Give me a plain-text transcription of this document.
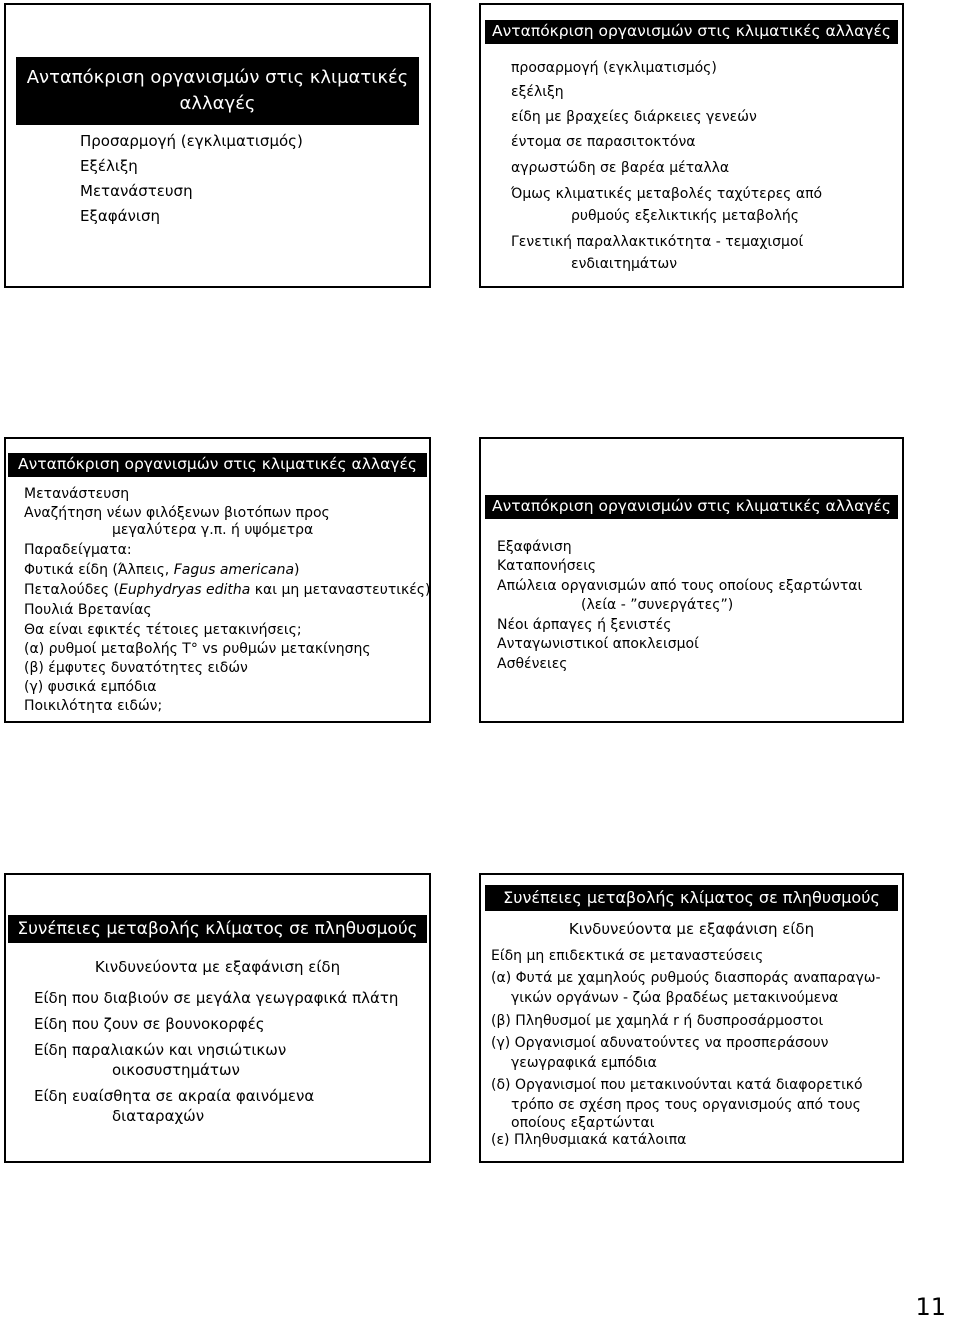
Ανταπόκριση οργανισμών στις κλιματικές
αλλαγές
Προσαρμογή (εγκλιματισμός)
Εξέλιξη
Μετανάστευση
Εξαφάνιση
Ανταπόκριση οργανισμών στις κλιματικές αλλαγές
προσαρμογή (εγκλιματισμός)
εξέλιξη
είδη με βραχείες διάρκειες γενεών
έντομα σε παρασιτοκτόνα
αγρωστώδη σε βαρέα μέταλλα
Όμως κλιματικές μεταβολές ταχύτερες από
ρυθμούς εξελικτικής μεταβολής
Γενετική παραλλακτικότητα - τεμαχισμοί
ενδιαιτημάτων
Ανταπόκριση οργανισμών στις κλιματικές αλλαγές
Μετανάστευση
Αναζήτηση νέων φιλόξενων βιοτόπων προς
μεγαλύτερα γ.π. ή υψόμετρα
Παραδείγματα:
Φυτικά είδη (Άλπεις, Fagus americana)
Πεταλούδες (Euphydryas editha και μη μεταναστευτικές)
Πουλιά Βρετανίας
Θα είναι εφικτές τέτοιες μετακινήσεις;
(α) ρυθμοί μεταβολής T° vs ρυθμών μετακίνησης
(β) έμφυτες δυνατότητες ειδών
(γ) φυσικά εμπόδια
Ποικιλότητα ειδών;
Ανταπόκριση οργανισμών στις κλιματικές αλλαγές
Εξαφάνιση
Καταπονήσεις
Απώλεια οργανισμών από τους οποίους εξαρτώνται
(λεία - ”συνεργάτες”)
Νέοι άρπαγες ή ξενιστές
Ανταγωνιστικοί αποκλεισμοί
Ασθένειες
Συνέπειες μεταβολής κλίματος σε πληθυσμούς
Κινδυνεύοντα με εξαφάνιση είδη
Είδη που διαβιούν σε μεγάλα γεωγραφικά πλάτη
Είδη που ζουν σε βουνοκορφές
Είδη παραλιακών και νησιώτικων
οικοσυστημάτων
Είδη ευαίσθητα σε ακραία φαινόμενα
διαταραχών
Συνέπειες μεταβολής κλίματος σε πληθυσμούς
Κινδυνεύοντα με εξαφάνιση είδη
Είδη μη επιδεκτικά σε μεταναστεύσεις
(α) Φυτά με χαμηλούς ρυθμούς διασποράς αναπαραγω-
γικών οργάνων - ζώα βραδέως μετακινούμενα
(β) Πληθυσμοί με χαμηλά r ή δυσπροσάρμοστοι
(γ) Οργανισμοί αδυνατούντες να προσπεράσουν
γεωγραφικά εμπόδια
(δ) Οργανισμοί που μετακινούνται κατά διαφορετικό
τρόπο σε σχέση προς τους οργανισμούς από τους
οποίους εξαρτώνται
(ε) Πληθυσμιακά κατάλοιπα
11
